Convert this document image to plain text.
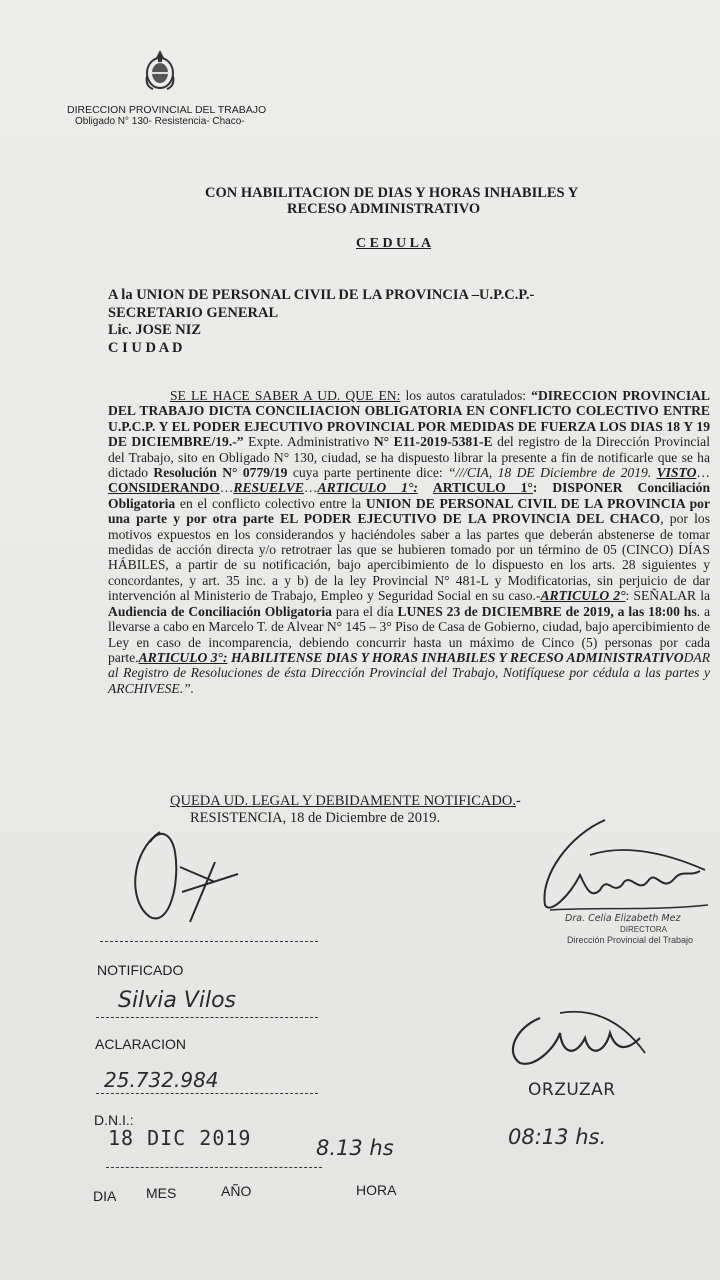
DIRECCION PROVINCIAL DEL TRABAJO
Obligado N° 130- Resistencia- Chaco-
CON HABILITACION DE DIAS Y HORAS INHABILES Y
RECESO ADMINISTRATIVO
C E D U L A
A la UNION DE PERSONAL CIVIL DE LA PROVINCIA –U.P.C.P.-
SECRETARIO GENERAL
Lic. JOSE NIZ
C I U D A D
SE LE HACE SABER A UD. QUE EN: los autos caratulados: “DIRECCION PROVINCIAL DEL TRABAJO DICTA CONCILIACION OBLIGATORIA EN CONFLICTO COLECTIVO ENTRE U.P.C.P. Y EL PODER EJECUTIVO PROVINCIAL POR MEDIDAS DE FUERZA LOS DIAS 18 Y 19 DE DICIEMBRE/19.-” Expte. Administrativo N° E11-2019-5381-E del registro de la Dirección Provincial del Trabajo, sito en Obligado N° 130, ciudad, se ha dispuesto librar la presente a fin de notificarle que se ha dictado Resolución N° 0779/19 cuya parte pertinente dice: “///CIA, 18 DE Diciembre de 2019. VISTO…CONSIDERANDO…RESUELVE…ARTICULO 1°: ARTICULO 1°: DISPONER Conciliación Obligatoria en el conflicto colectivo entre la UNION DE PERSONAL CIVIL DE LA PROVINCIA por una parte y por otra parte EL PODER EJECUTIVO DE LA PROVINCIA DEL CHACO, por los motivos expuestos en los considerandos y haciéndoles saber a las partes que deberán abstenerse de tomar medidas de acción directa y/o retrotraer las que se hubieren tomado por un término de 05 (CINCO) DÍAS HÁBILES, a partir de su notificación, bajo apercibimiento de lo dispuesto en los arts. 28 siguientes y concordantes, y art. 35 inc. a y b) de la ley Provincial N° 481-L y Modificatorias, sin perjuicio de dar intervención al Ministerio de Trabajo, Empleo y Seguridad Social en su caso.-ARTICULO 2°: SEÑALAR la Audiencia de Conciliación Obligatoria para el día LUNES 23 de DICIEMBRE de 2019, a las 18:00 hs. a llevarse a cabo en Marcelo T. de Alvear N° 145 – 3° Piso de Casa de Gobierno, ciudad, bajo apercibimiento de Ley en caso de incomparencia, debiendo concurrir hasta un máximo de Cinco (5) personas por cada parte.ARTICULO 3°: HABILITENSE DIAS Y HORAS INHABILES Y RECESO ADMINISTRATIVODAR al Registro de Resoluciones de ésta Dirección Provincial del Trabajo, Notifíquese por cédula a las partes y ARCHIVESE.”.
QUEDA UD. LEGAL Y DEBIDAMENTE NOTIFICADO.-
RESISTENCIA, 18 de Diciembre de 2019.
Dra. Celia Elizabeth Mez
DIRECTORA
Dirección Provincial del Trabajo
NOTIFICADO
Silvia Vilos
ACLARACION
25.732.984
D.N.I.:
18 DIC 2019	8.13 hs
DIA MES	AÑO	HORA
ORZUZAR
08:13 hs.
